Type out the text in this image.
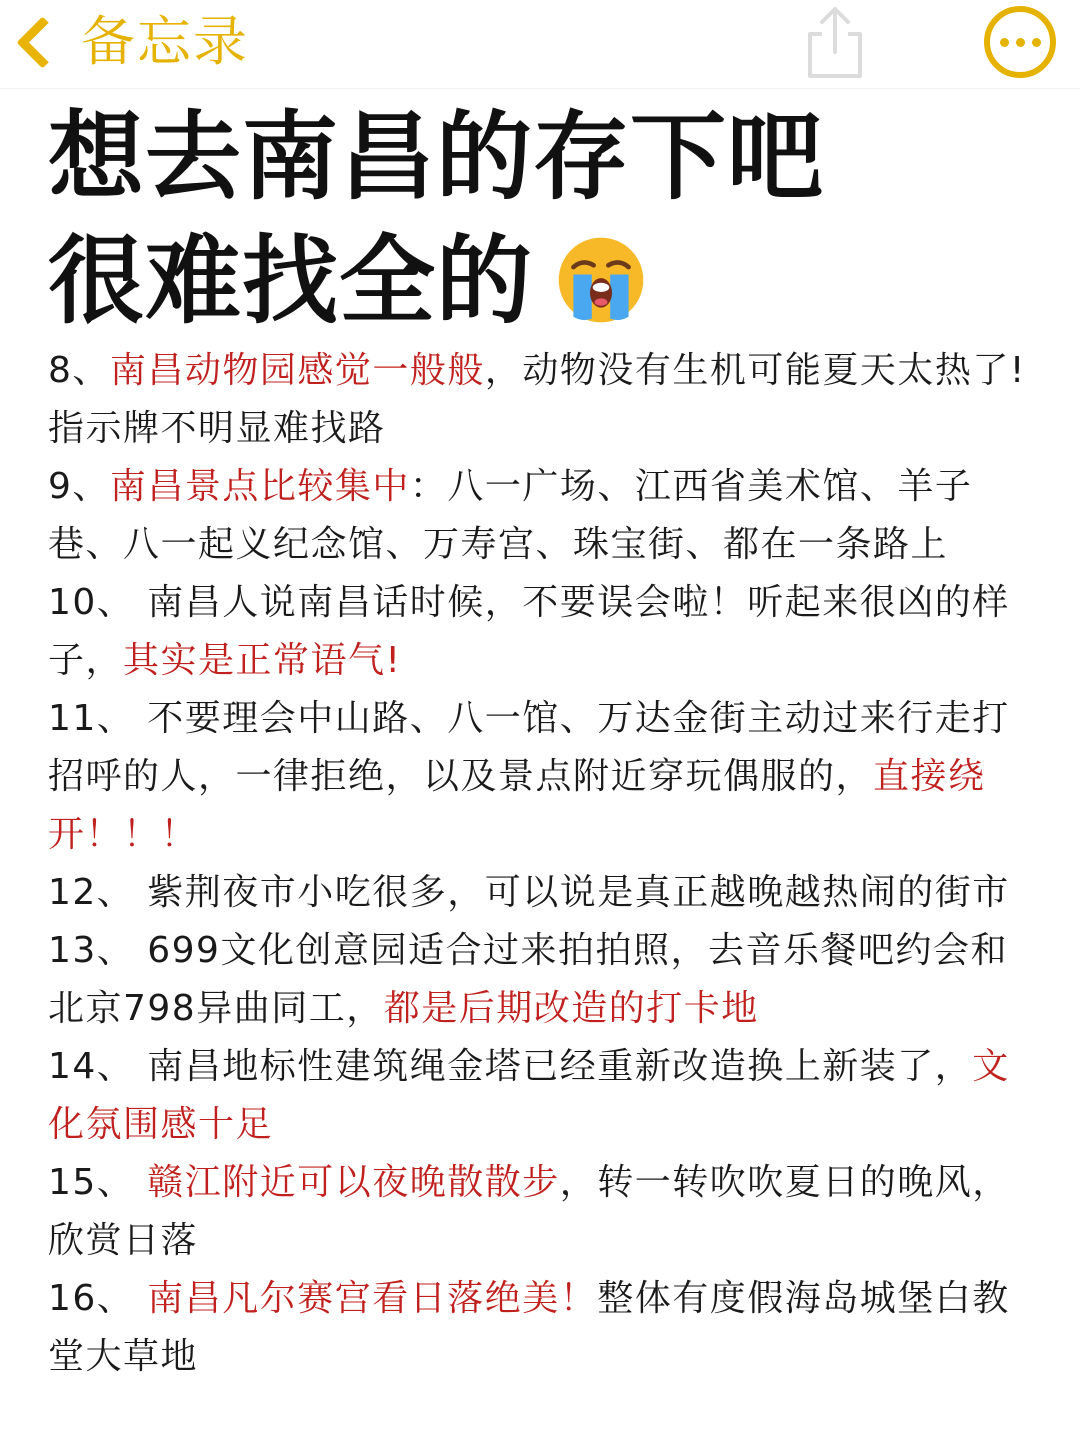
备忘录
想去南昌的存下吧
很难找全的

8、南昌动物园感觉一般般，动物没有生机可能夏天太热了!指示牌不明显难找路

9、南昌景点比较集中：八一广场、江西省美术馆、羊子巷、八一起义纪念馆、万寿宫、珠宝街、都在一条路上

10、 南昌人说南昌话时候，不要误会啦！听起来很凶的样子，其实是正常语气!

11、 不要理会中山路、八一馆、万达金街主动过来行走打招呼的人，一律拒绝，以及景点附近穿玩偶服的，直接绕开！！！

12、 紫荆夜市小吃很多，可以说是真正越晚越热闹的街市

13、 699文化创意园适合过来拍拍照，去音乐餐吧约会和北京798异曲同工，都是后期改造的打卡地

14、 南昌地标性建筑绳金塔已经重新改造换上新装了，文化氛围感十足

15、 赣江附近可以夜晚散散步，转一转吹吹夏日的晚风，欣赏日落

16、 南昌凡尔赛宫看日落绝美！整体有度假海岛城堡白教堂大草地
